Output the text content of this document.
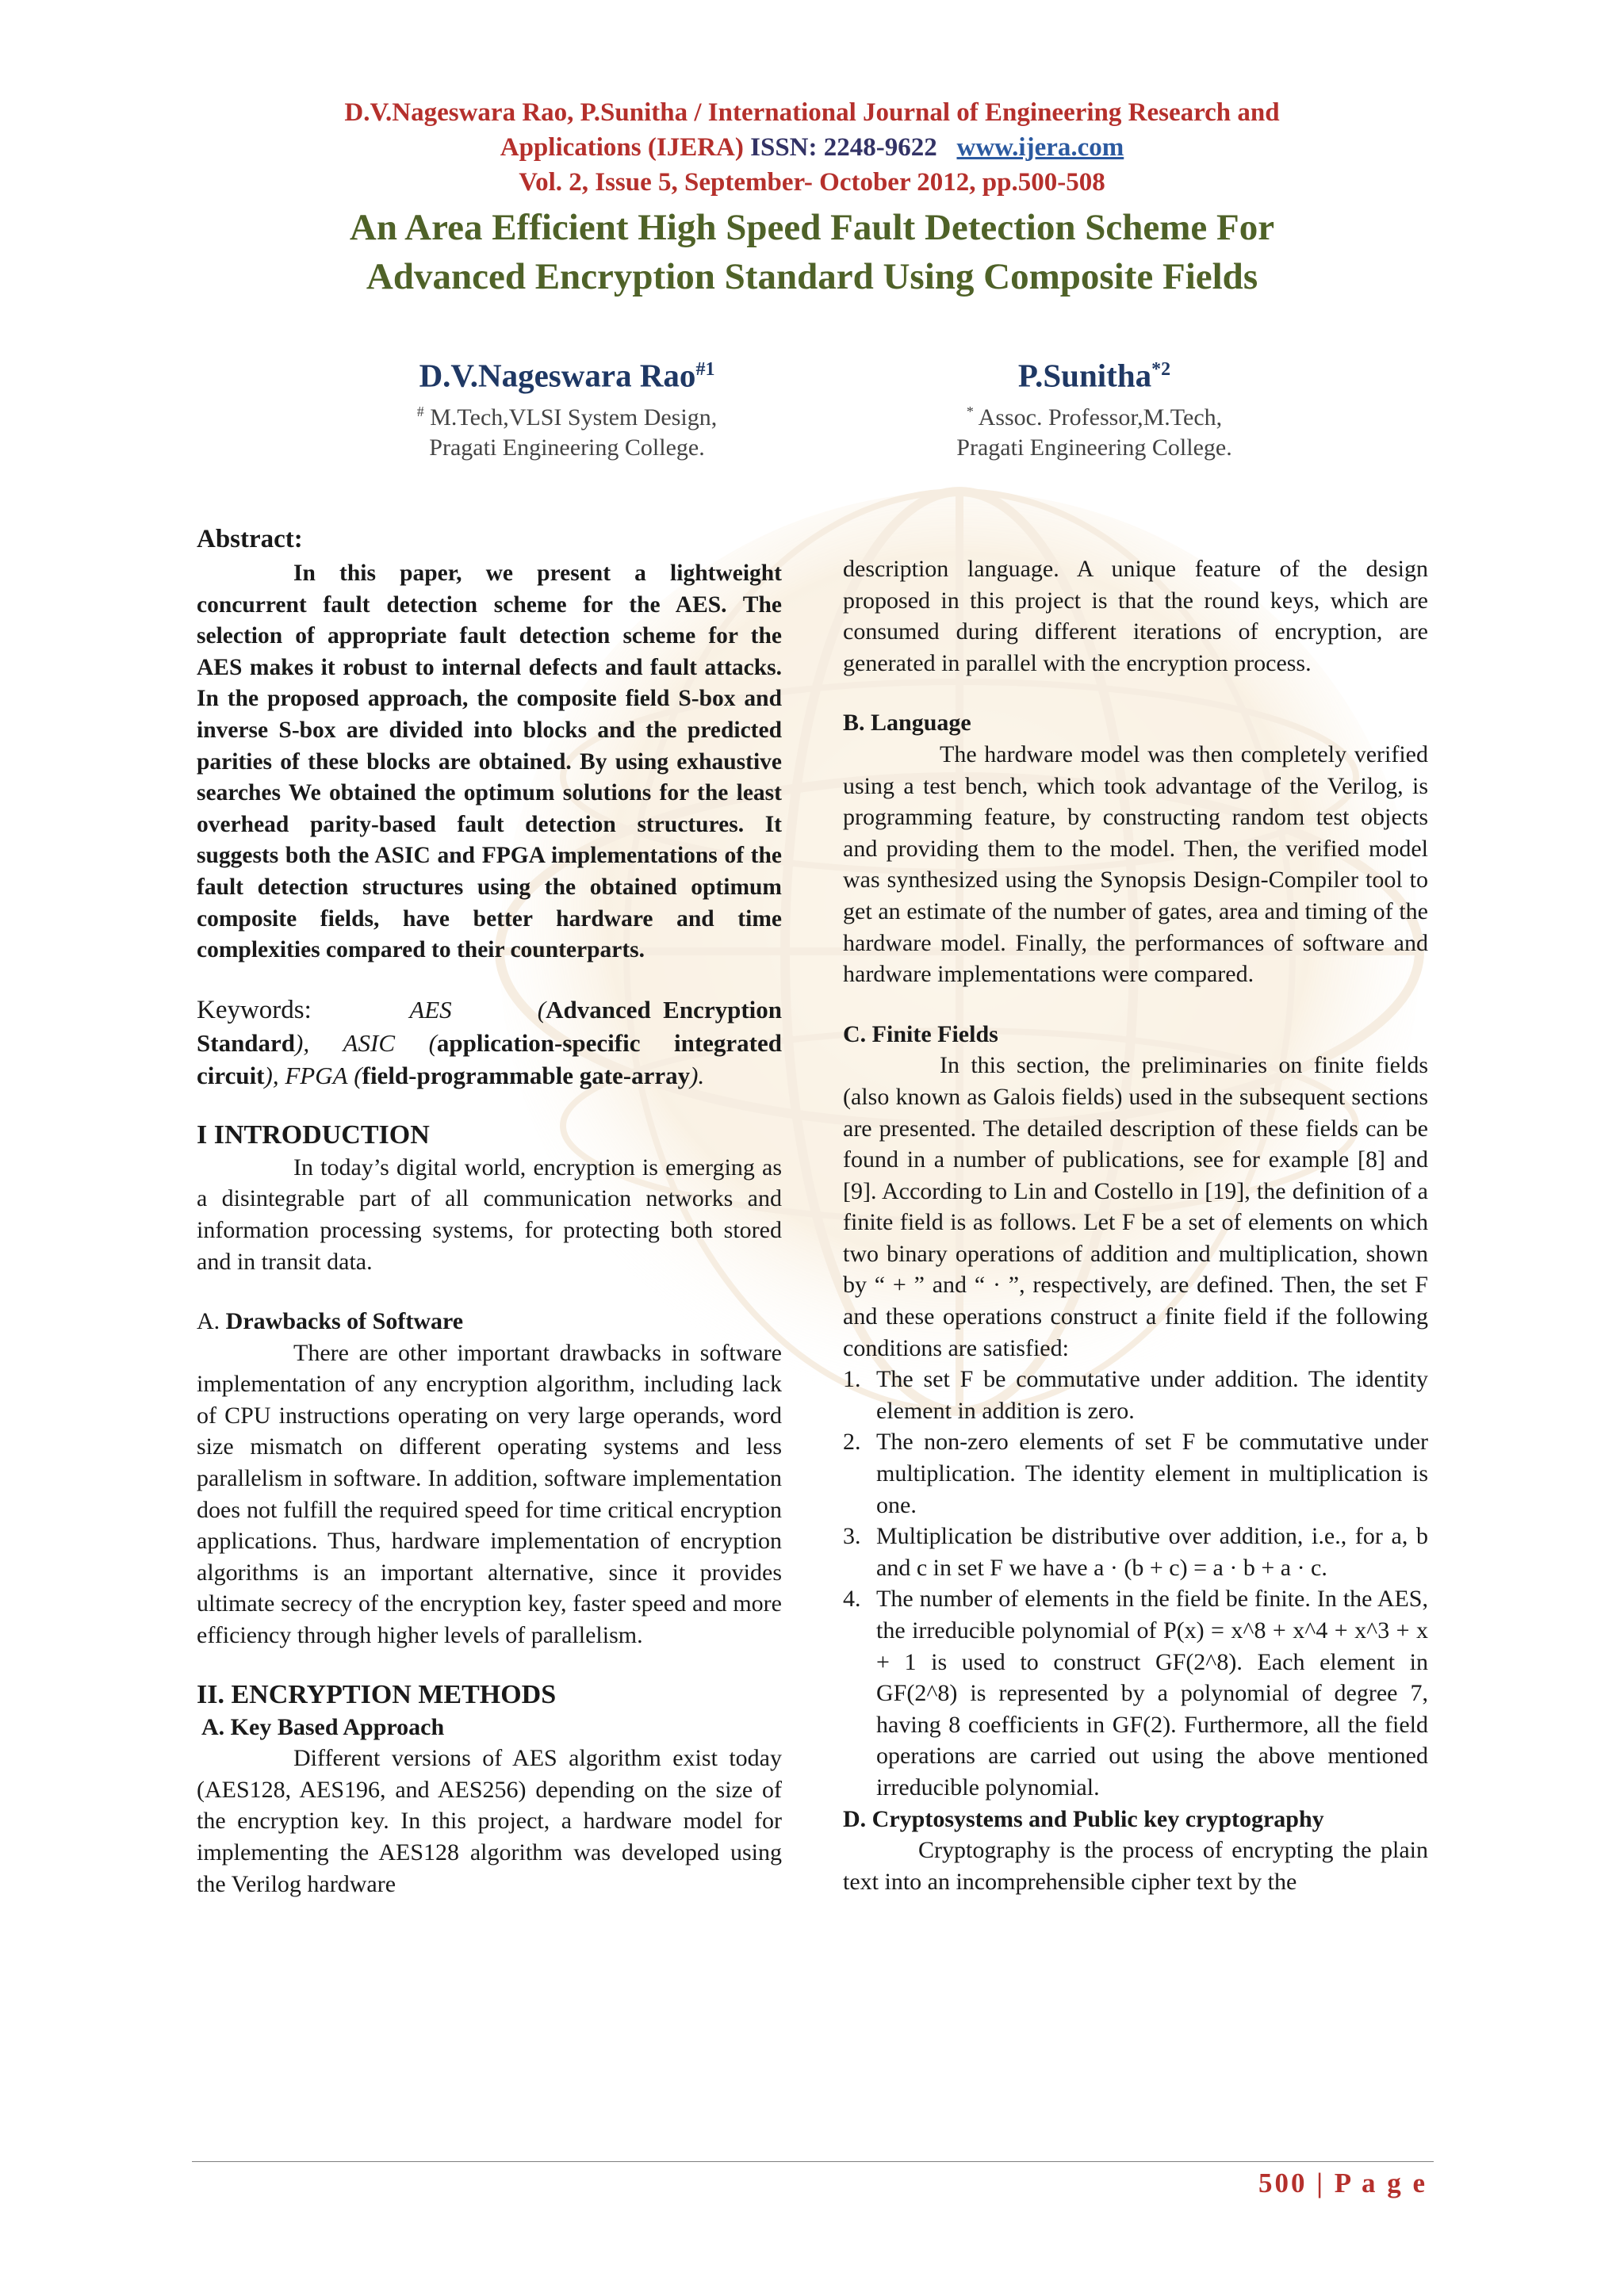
D.V.Nageswara Rao, P.Sunitha / International Journal of Engineering Research and
Applications (IJERA) ISSN: 2248-9622 www.ijera.com
Vol. 2, Issue 5, September- October 2012, pp.500-508
An Area Efficient High Speed Fault Detection Scheme For
Advanced Encryption Standard Using Composite Fields
D.V.Nageswara Rao$^{\#1}$
# M.Tech,VLSI System Design,
Pragati Engineering College.
P.Sunitha$^{*2}$
* Assoc. Professor,M.Tech,
Pragati Engineering College.
Abstract:

In this paper, we present a lightweight concurrent fault detection scheme for the AES. The selection of appropriate fault detection scheme for the AES makes it robust to internal defects and fault attacks. In the proposed approach, the composite field S-box and inverse S-box are divided into blocks and the predicted parities of these blocks are obtained. By using exhaustive searches We obtained the optimum solutions for the least overhead parity-based fault detection structures. It suggests both the ASIC and FPGA implementations of the fault detection structures using the obtained optimum composite fields, have better hardware and time complexities compared to their counterparts.

Keywords:	AES	(Advanced Encryption Standard), ASIC (application-specific integrated circuit), FPGA (field-programmable gate-array).

I INTRODUCTION

In today’s digital world, encryption is emerging as a disintegrable part of all communication networks and information processing systems, for protecting both stored and in transit data.

A. Drawbacks of Software

There are other important drawbacks in software implementation of any encryption algorithm, including lack of CPU instructions operating on very large operands, word size mismatch on different operating systems and less parallelism in software. In addition, software implementation does not fulfill the required speed for time critical encryption applications. Thus, hardware implementation of encryption algorithms is an important alternative, since it provides ultimate secrecy of the encryption key, faster speed and more efficiency through higher levels of parallelism.

II. ENCRYPTION METHODS
A. Key Based Approach

Different versions of AES algorithm exist today (AES128, AES196, and AES256) depending on the size of the encryption key. In this project, a hardware model for implementing the AES128 algorithm was developed using the Verilog hardware

description language. A unique feature of the design proposed in this project is that the round keys, which are consumed during different iterations of encryption, are generated in parallel with the encryption process.

B. Language

The hardware model was then completely verified using a test bench, which took advantage of the Verilog, is programming feature, by constructing random test objects and providing them to the model. Then, the verified model was synthesized using the Synopsis Design-Compiler tool to get an estimate of the number of gates, area and timing of the hardware model. Finally, the performances of software and hardware implementations were compared.

C. Finite Fields

In this section, the preliminaries on finite fields (also known as Galois fields) used in the subsequent sections are presented. The detailed description of these fields can be found in a number of publications, see for example [8] and [9]. According to Lin and Costello in [19], the definition of a finite field is as follows. Let F be a set of elements on which two binary operations of addition and multiplication, shown by “ + ” and “ · ”, respectively, are defined. Then, the set F and these operations construct a finite field if the following conditions are satisfied:

1. The set F be commutative under addition. The identity element in addition is zero.
2. The non-zero elements of set F be commutative under multiplication. The identity element in multiplication is one.
3. Multiplication be distributive over addition, i.e., for a, b and c in set F we have a · (b + c) = a · b + a · c.
4. The number of elements in the field be finite. In the AES, the irreducible polynomial of P(x) = x^8 + x^4 + x^3 + x + 1 is used to construct GF(2^8). Each element in GF(2^8) is represented by a polynomial of degree 7, having 8 coefficients in GF(2). Furthermore, all the field operations are carried out using the above mentioned irreducible polynomial.
D. Cryptosystems and Public key cryptography

Cryptography is the process of encrypting the plain text into an incomprehensible cipher text by the

500 | P a g e
